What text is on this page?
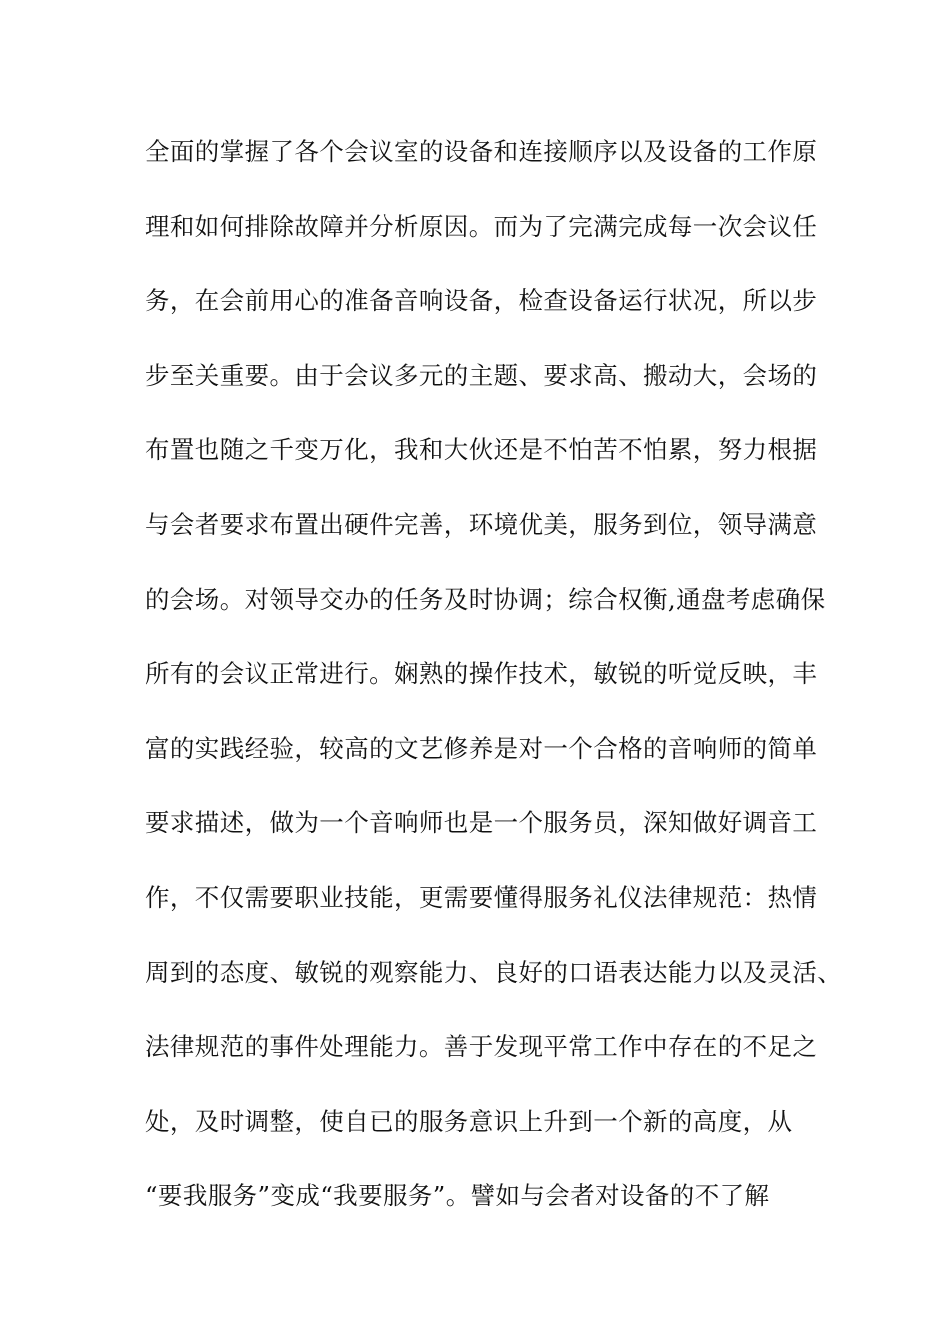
全面的掌握了各个会议室的设备和连接顺序以及设备的工作原
理和如何排除故障并分析原因。而为了完满完成每一次会议任
务，在会前用心的准备音响设备，检查设备运行状况，所以步
步至关重要。由于会议多元的主题、要求高、搬动大，会场的
布置也随之千变万化，我和大伙还是不怕苦不怕累，努力根据
与会者要求布置出硬件完善，环境优美，服务到位，领导满意
的会场。对领导交办的任务及时协调；综合权衡,通盘考虑确保
所有的会议正常进行。娴熟的操作技术，敏锐的听觉反映，丰
富的实践经验，较高的文艺修养是对一个合格的音响师的简单
要求描述，做为一个音响师也是一个服务员，深知做好调音工
作，不仅需要职业技能，更需要懂得服务礼仪法律规范：热情
周到的态度、敏锐的观察能力、良好的口语表达能力以及灵活、
法律规范的事件处理能力。善于发现平常工作中存在的不足之
处，及时调整，使自已的服务意识上升到一个新的高度，从
“要我服务”变成“我要服务”。譬如与会者对设备的不了解
